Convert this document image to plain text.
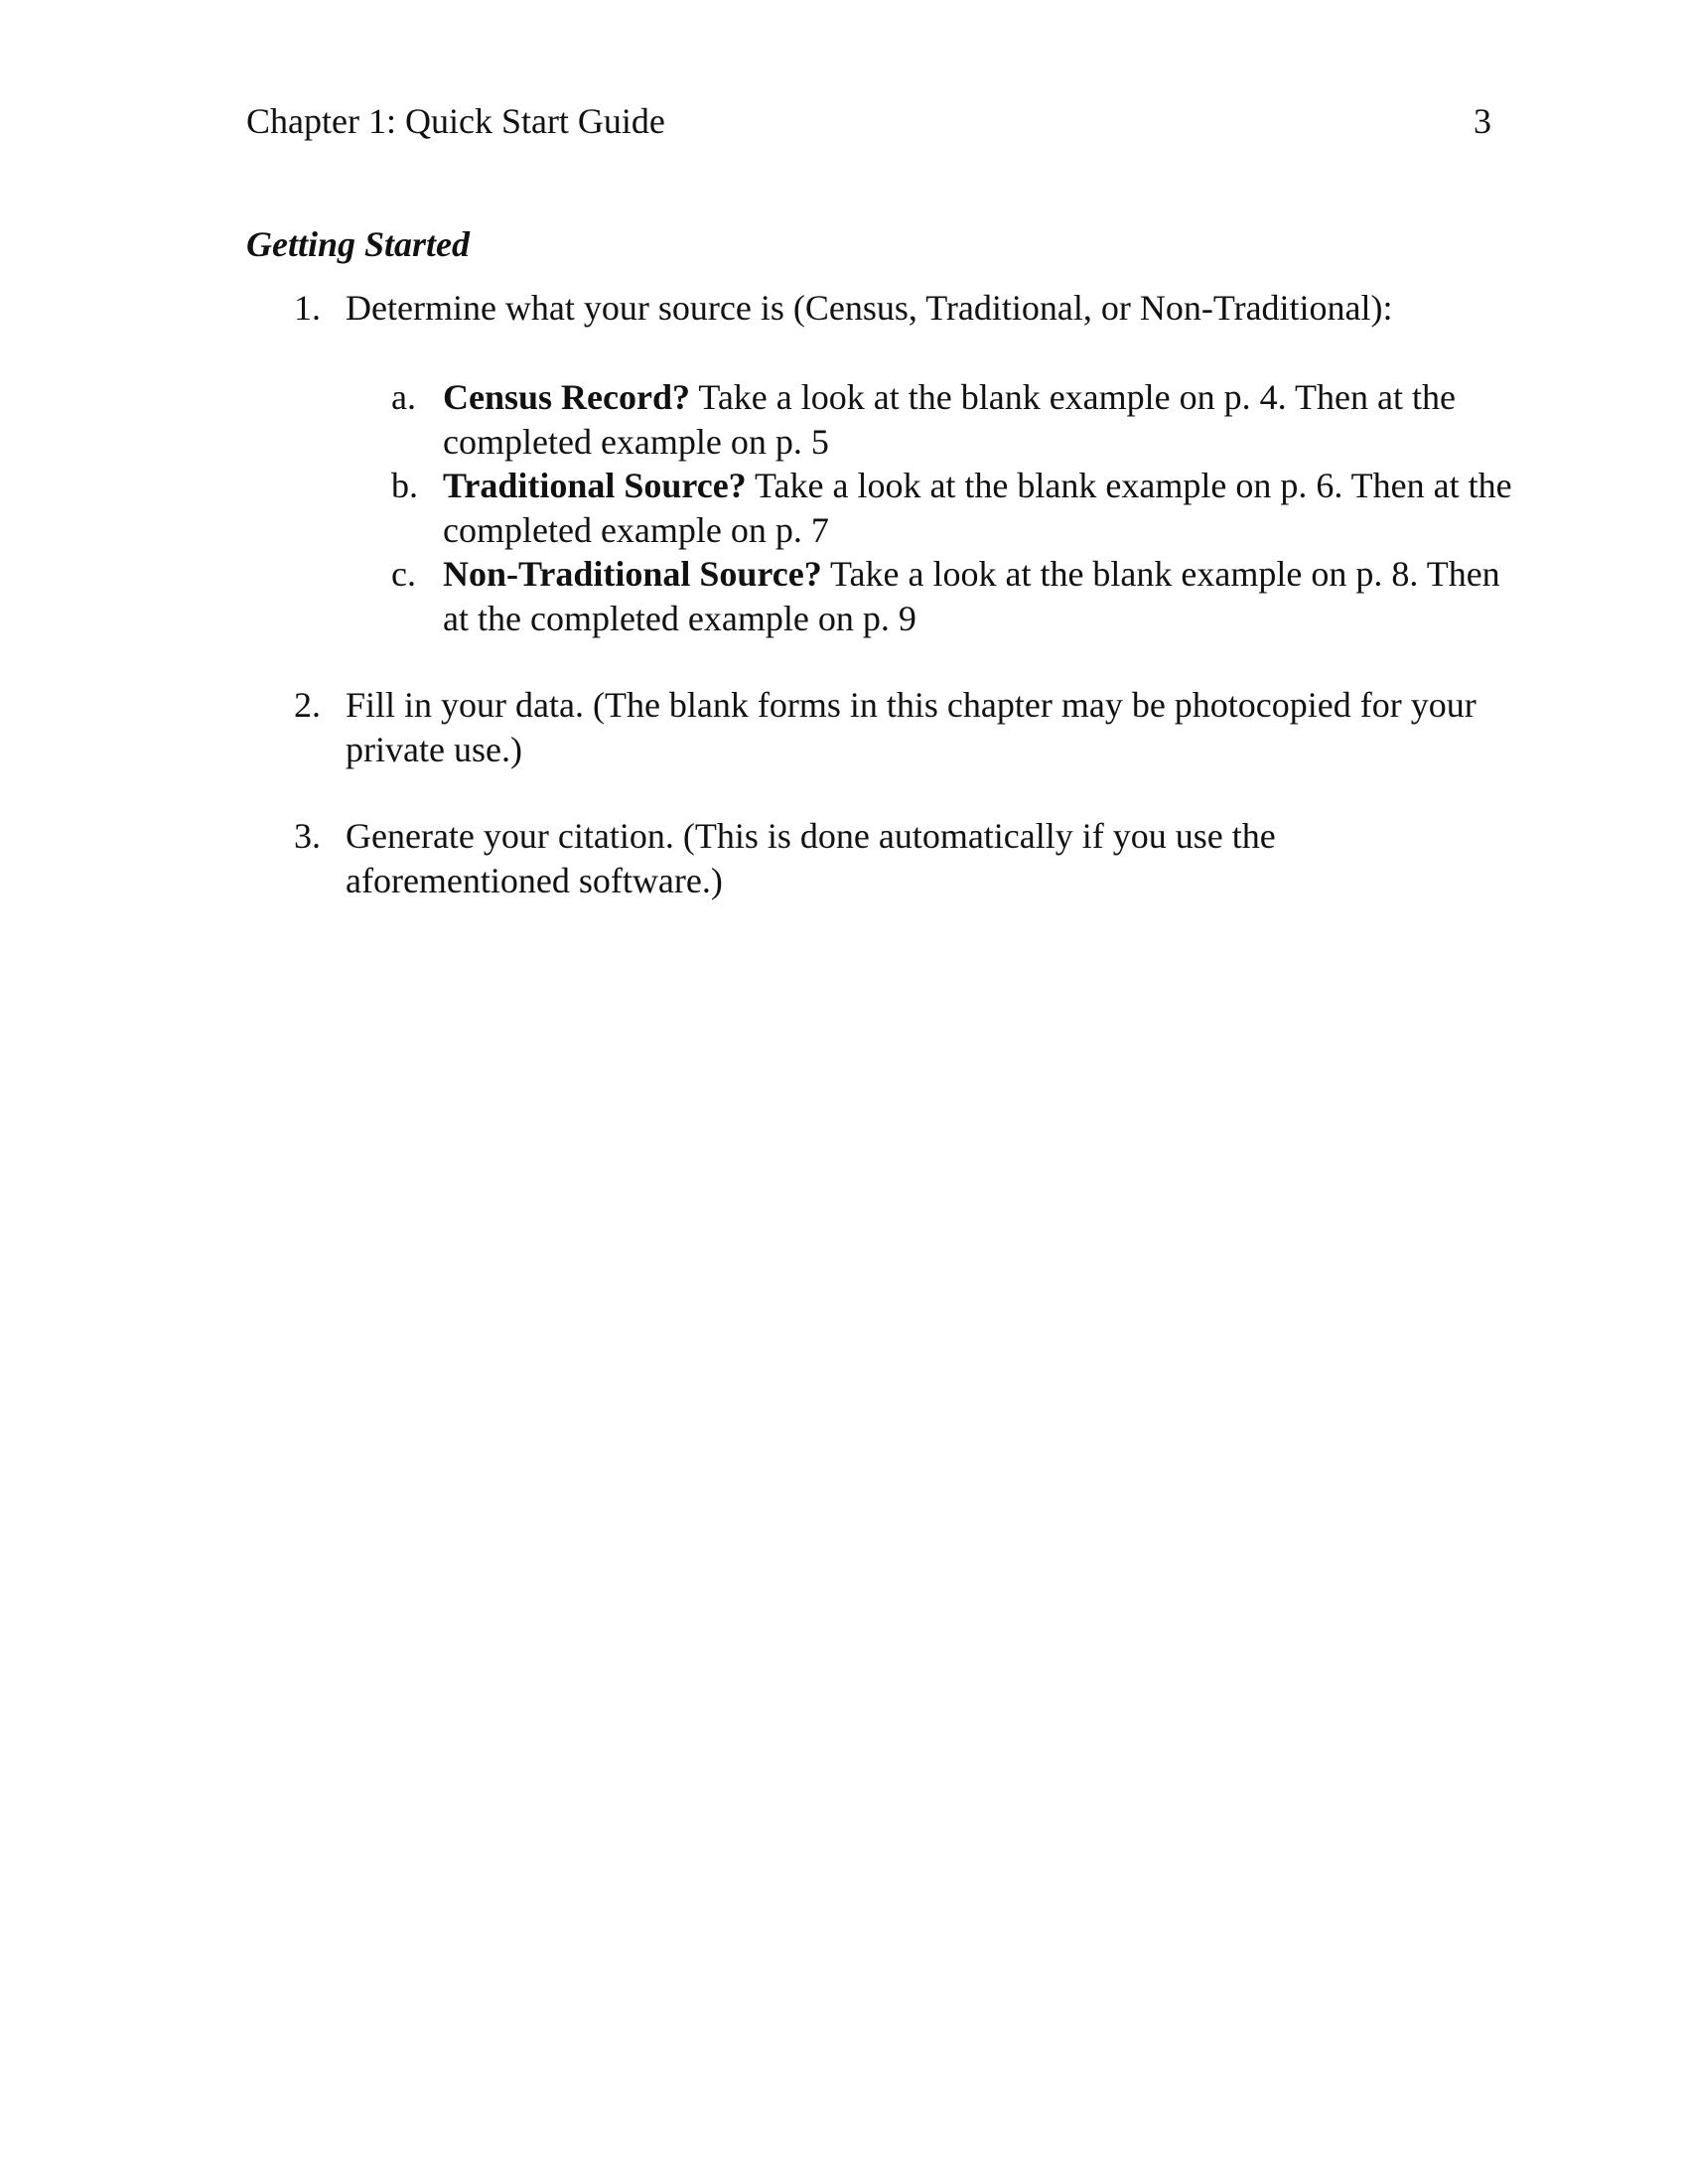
Chapter 1: Quick Start Guide	3
Getting Started
1. Determine what your source is (Census, Traditional, or Non-Traditional):
a. Census Record? Take a look at the blank example on p. 4. Then at the completed example on p. 5
b. Traditional Source? Take a look at the blank example on p. 6. Then at the completed example on p. 7
c. Non-Traditional Source? Take a look at the blank example on p. 8. Then at the completed example on p. 9
2. Fill in your data. (The blank forms in this chapter may be photocopied for your private use.)
3. Generate your citation. (This is done automatically if you use the aforementioned software.)
